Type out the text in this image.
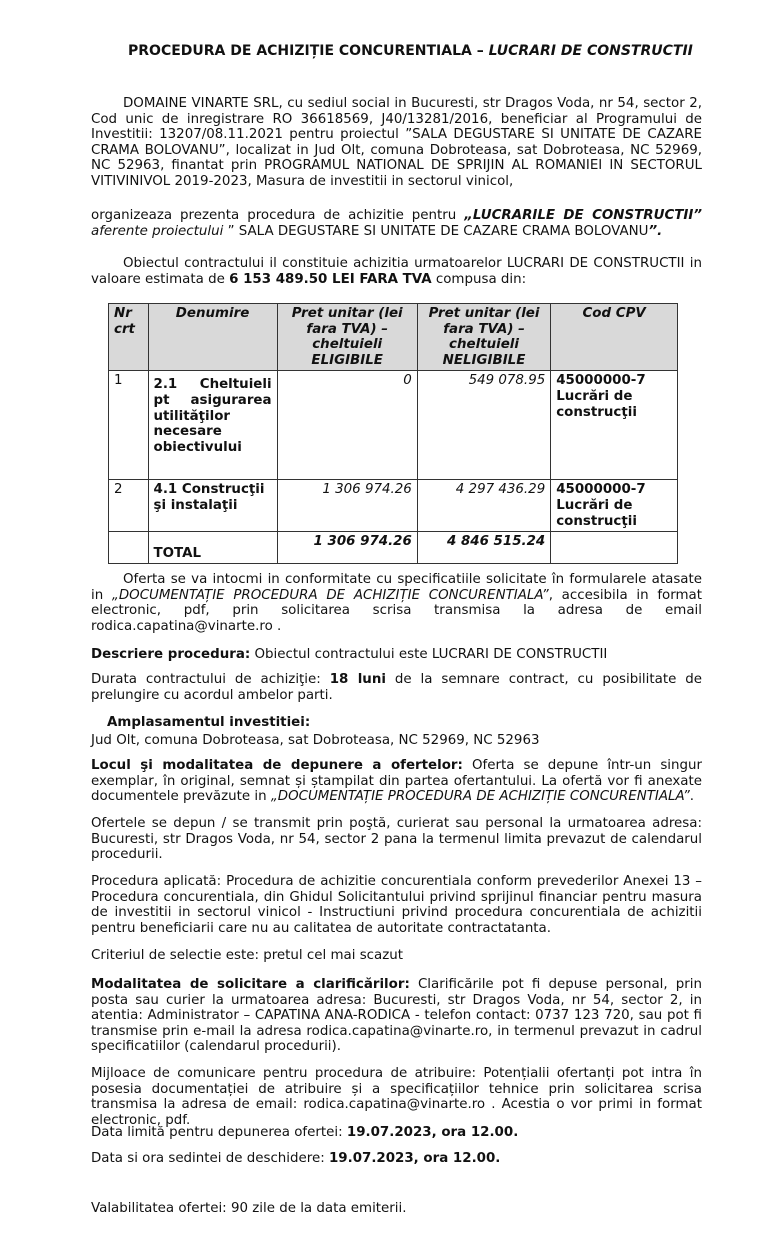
PROCEDURA DE ACHIZIȚIE CONCURENTIALA – LUCRARI DE CONSTRUCTII

DOMAINE VINARTE SRL, cu sediul social in Bucuresti, str Dragos Voda, nr 54, sector 2, Cod unic de inregistrare RO 36618569, J40/13281/2016, beneficiar al Programului de Investitii: 13207/08.11.2021 pentru proiectul ”SALA DEGUSTARE SI UNITATE DE CAZARE CRAMA BOLOVANU”, localizat in Jud Olt, comuna Dobroteasa, sat Dobroteasa, NC 52969, NC 52963, finantat prin PROGRAMUL NATIONAL DE SPRIJIN AL ROMANIEI IN SECTORUL VITIVINIVOL 2019-2023, Masura de investitii in sectorul vinicol,

organizeaza prezenta procedura de achizitie pentru „LUCRARILE DE CONSTRUCTII” aferente proiectului ” SALA DEGUSTARE SI UNITATE DE CAZARE CRAMA BOLOVANU”.

Obiectul contractului il constituie achizitia urmatoarelor LUCRARI DE CONSTRUCTII in valoare estimata de 6 153 489.50 LEI FARA TVA compusa din:

Oferta se va intocmi in conformitate cu specificatiile solicitate în formularele atasate in „DOCUMENTAȚIE PROCEDURA DE ACHIZIȚIE CONCURENTIALA”, accesibila in format electronic, pdf, prin solicitarea scrisa transmisa la adresa de email rodica.capatina@vinarte.ro .

Descriere procedura: Obiectul contractului este LUCRARI DE CONSTRUCTII

Durata contractului de achiziţie: 18 luni de la semnare contract, cu posibilitate de prelungire cu acordul ambelor parti.

Amplasamentul investitiei:

Jud Olt, comuna Dobroteasa, sat Dobroteasa, NC 52969, NC 52963

Locul şi modalitatea de depunere a ofertelor: Oferta se depune într-un singur exemplar, în original, semnat și ștampilat din partea ofertantului. La ofertă vor fi anexate documentele prevăzute in „DOCUMENTAȚIE PROCEDURA DE ACHIZIȚIE CONCURENTIALA”.

Ofertele se depun / se transmit prin poştă, curierat sau personal la urmatoarea adresa: Bucuresti, str Dragos Voda, nr 54, sector 2 pana la termenul limita prevazut de calendarul procedurii.

Procedura aplicată: Procedura de achizitie concurentiala conform prevederilor Anexei 13 – Procedura concurentiala, din Ghidul Solicitantului privind sprijinul financiar pentru masura de investitii in sectorul vinicol - Instructiuni privind procedura concurentiala de achizitii pentru beneficiarii care nu au calitatea de autoritate contractatanta.

Criteriul de selectie este: pretul cel mai scazut

Modalitatea de solicitare a clarificărilor: Clarificările pot fi depuse personal, prin posta sau curier la urmatoarea adresa: Bucuresti, str Dragos Voda, nr 54, sector 2, in atentia: Administrator – CAPATINA ANA-RODICA - telefon contact: 0737 123 720, sau pot fi transmise prin e-mail la adresa rodica.capatina@vinarte.ro, in termenul prevazut in cadrul specificatiilor (calendarul procedurii).

Mijloace de comunicare pentru procedura de atribuire: Potențialii ofertanți pot intra în posesia documentației de atribuire și a specificațiilor tehnice prin solicitarea scrisa transmisa la adresa de email: rodica.capatina@vinarte.ro . Acestia o vor primi in format electronic, pdf.

Data limită pentru depunerea ofertei: 19.07.2023, ora 12.00.

Data si ora sedintei de deschidere: 19.07.2023, ora 12.00.

Valabilitatea ofertei: 90 zile de la data emiterii.

Nr crt	Denumire	Pret unitar (lei fara TVA) – cheltuieli ELIGIBILE	Pret unitar (lei fara TVA) – cheltuieli NELIGIBILE	Cod CPV
1	2.1 Cheltuieli pt asigurarea utilităţilor necesare obiectivului	0	549 078.95	45000000-7 Lucrări de construcţii
2	4.1 Construcţii şi instalaţii	1 306 974.26	4 297 436.29	45000000-7 Lucrări de construcţii
	TOTAL	1 306 974.26	4 846 515.24	
